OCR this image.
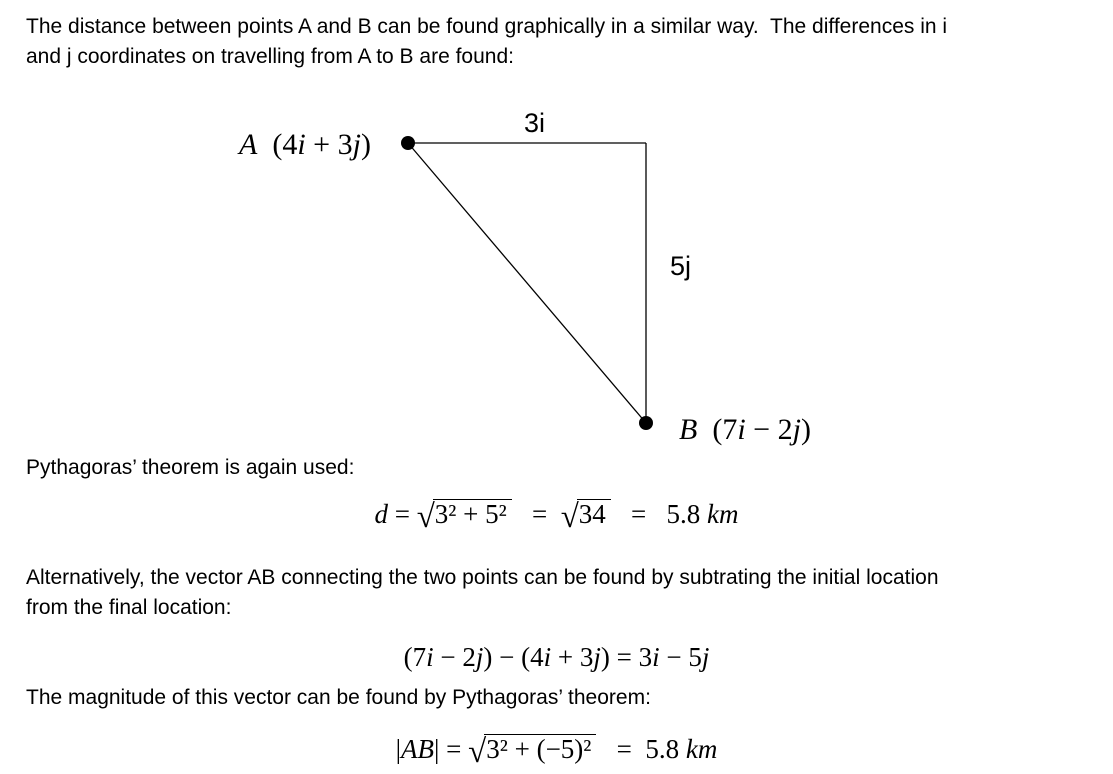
The distance between points A and B can be found graphically in a similar way.  The differences in i
and j coordinates on travelling from A to B are found:
3i
5j
A  (4i + 3j)
B  (7i − 2j)
Pythagoras’ theorem is again used:
d = √3² + 5²   =  √34   =   5.8 km
Alternatively, the vector AB connecting the two points can be found by subtrating the initial location
from the final location:
(7i − 2j) − (4i + 3j) = 3i − 5j
The magnitude of this vector can be found by Pythagoras’ theorem:
|AB| = √3² + (−5)²   =  5.8 km
